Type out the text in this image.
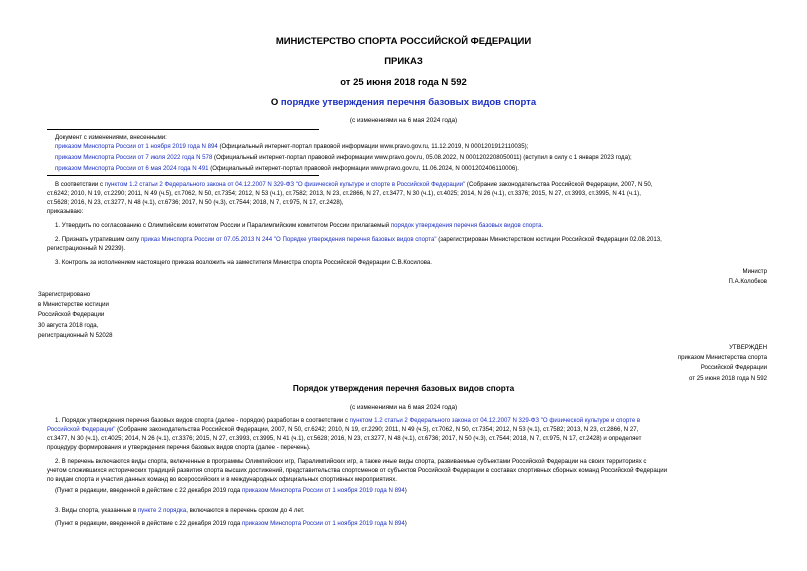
МИНИСТЕРСТВО СПОРТА РОССИЙСКОЙ ФЕДЕРАЦИИ
ПРИКАЗ
от 25 июня 2018 года N 592
О порядке утверждения перечня базовых видов спорта
(с изменениями на 6 мая 2024 года)
Документ с изменениями, внесенными:
приказом Минспорта России от 1 ноября 2019 года N 894 (Официальный интернет-портал правовой информации www.pravo.gov.ru, 11.12.2019, N 0001201912110035);
приказом Минспорта России от 7 июля 2022 года N 578 (Официальный интернет-портал правовой информации www.pravo.gov.ru, 05.08.2022, N 0001202208050011) (вступил в силу с 1 января 2023 года);
приказом Минспорта России от 6 мая 2024 года N 491 (Официальный интернет-портал правовой информации www.pravo.gov.ru, 11.06.2024, N 0001202406110006).
В соответствии с пунктом 1.2 статьи 2 Федерального закона от 04.12.2007 N 329-ФЗ "О физической культуре и спорте в Российской Федерации" (Собрание законодательства Российской Федерации, 2007, N 50,
ст.6242; 2010, N 19, ст.2290; 2011, N 49 (ч.5), ст.7062, N 50, ст.7354; 2012, N 53 (ч.1), ст.7582; 2013, N 23, ст.2866, N 27, ст.3477, N 30 (ч.1), ст.4025; 2014, N 26 (ч.1), ст.3376; 2015, N 27, ст.3993, ст.3995, N 41 (ч.1),
ст.5628; 2016, N 23, ст.3277, N 48 (ч.1), ст.6736; 2017, N 50 (ч.3), ст.7544; 2018, N 7, ст.975, N 17, ст.2428),
приказываю:
1. Утвердить по согласованию с Олимпийским комитетом России и Паралимпийским комитетом России прилагаемый порядок утверждения перечня базовых видов спорта.
2. Признать утратившим силу приказ Минспорта России от 07.05.2013 N 244 "О Порядке утверждения перечня базовых видов спорта" (зарегистрирован Министерством юстиции Российской Федерации 02.08.2013,
регистрационный N 29239).
3. Контроль за исполнением настоящего приказа возложить на заместителя Министра спорта Российской Федерации С.В.Косилова.
Министр
П.А.Колобков
Зарегистрировано
в Министерстве юстиции
Российской Федерации
30 августа 2018 года,
регистрационный N 52028
УТВЕРЖДЕН
приказом Министерства спорта
Российской Федерации
от 25 июня 2018 года N 592
Порядок утверждения перечня базовых видов спорта
(с изменениями на 6 мая 2024 года)
1. Порядок утверждения перечня базовых видов спорта (далее - порядок) разработан в соответствии с пунктом 1.2 статьи 2 Федерального закона от 04.12.2007 N 329-ФЗ "О физической культуре и спорте в
Российской Федерации" (Собрание законодательства Российской Федерации, 2007, N 50, ст.6242; 2010, N 19, ст.2290; 2011, N 49 (ч.5), ст.7062, N 50, ст.7354; 2012, N 53 (ч.1), ст.7582; 2013, N 23, ст.2866, N 27,
ст.3477, N 30 (ч.1), ст.4025; 2014, N 26 (ч.1), ст.3376; 2015, N 27, ст.3993, ст.3995, N 41 (ч.1), ст.5628; 2016, N 23, ст.3277, N 48 (ч.1), ст.6736; 2017, N 50 (ч.3), ст.7544; 2018, N 7, ст.975, N 17, ст.2428) и определяет
процедуру формирования и утверждения перечня базовых видов спорта (далее - перечень).
2. В перечень включаются виды спорта, включенные в программы Олимпийских игр, Паралимпийских игр, а также иные виды спорта, развиваемые субъектами Российской Федерации на своих территориях с
учетом сложившихся исторических традиций развития спорта высших достижений, представительства спортсменов от субъектов Российской Федерации в составах спортивных сборных команд Российской Федерации
по видам спорта и участия данных команд во всероссийских и в международных официальных спортивных мероприятиях.
(Пункт в редакции, введенной в действие с 22 декабря 2019 года приказом Минспорта России от 1 ноября 2019 года N 894)
3. Виды спорта, указанные в пункте 2 порядка, включаются в перечень сроком до 4 лет.
(Пункт в редакции, введенной в действие с 22 декабря 2019 года приказом Минспорта России от 1 ноября 2019 года N 894)
